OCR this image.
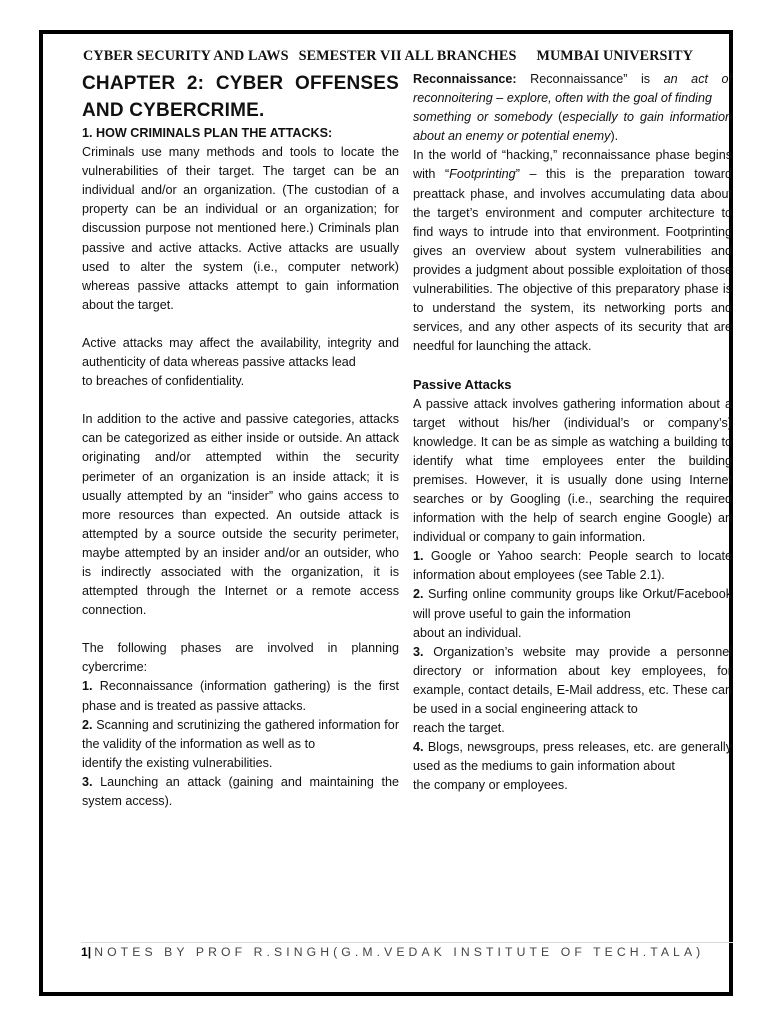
CYBER SECURITY AND LAWS SEMESTER VII ALL BRANCHES MUMBAI UNIVERSITY

CHAPTER 2: CYBER OFFENSES AND CYBERCRIME.

1. HOW CRIMINALS PLAN THE ATTACKS:

Criminals use many methods and tools to locate the vulnerabilities of their target. The target can be an individual and/or an organization. (The custodian of a property can be an individual or an organization; for discussion purpose not mentioned here.) Criminals plan passive and active attacks. Active attacks are usually used to alter the system (i.e., computer network) whereas passive attacks attempt to gain information about the target.

Active attacks may affect the availability, integrity and authenticity of data whereas passive attacks lead

to breaches of confidentiality.

In addition to the active and passive categories, attacks can be categorized as either inside or outside. An attack originating and/or attempted within the security perimeter of an organization is an inside attack; it is usually attempted by an “insider” who gains access to more resources than expected. An outside attack is attempted by a source outside the security perimeter, maybe attempted by an insider and/or an outsider, who is indirectly associated with the organization, it is attempted through the Internet or a remote access connection.

The following phases are involved in planning cybercrime:

1. Reconnaissance (information gathering) is the first phase and is treated as passive attacks.

2. Scanning and scrutinizing the gathered information for the validity of the information as well as to

identify the existing vulnerabilities.

3. Launching an attack (gaining and maintaining the system access).

Reconnaissance: Reconnaissance” is an act of reconnoitering – explore, often with the goal of finding

something or somebody (especially to gain information about an enemy or potential enemy).

In the world of “hacking,” reconnaissance phase begins with “Footprinting” – this is the preparation toward preattack phase, and involves accumulating data about the target’s environment and computer architecture to find ways to intrude into that environment. Footprinting gives an overview about system vulnerabilities and provides a judgment about possible exploitation of those vulnerabilities. The objective of this preparatory phase is to understand the system, its networking ports and services, and any other aspects of its security that are needful for launching the attack.

Passive Attacks

A passive attack involves gathering information about a target without his/her (individual’s or company’s) knowledge. It can be as simple as watching a building to identify what time employees enter the building premises. However, it is usually done using Internet searches or by Googling (i.e., searching the required information with the help of search engine Google) an individual or company to gain information.

1. Google or Yahoo search: People search to locate information about employees (see Table 2.1).

2. Surfing online community groups like Orkut/Facebook will prove useful to gain the information

about an individual.

3. Organization’s website may provide a personnel directory or information about key employees, for example, contact details, E-Mail address, etc. These can be used in a social engineering attack to

reach the target.

4. Blogs, newsgroups, press releases, etc. are generally used as the mediums to gain information about

the company or employees.

1| NOTES BY PROF R.SINGH(G.M.VEDAK INSTITUTE OF TECH.TALA)
